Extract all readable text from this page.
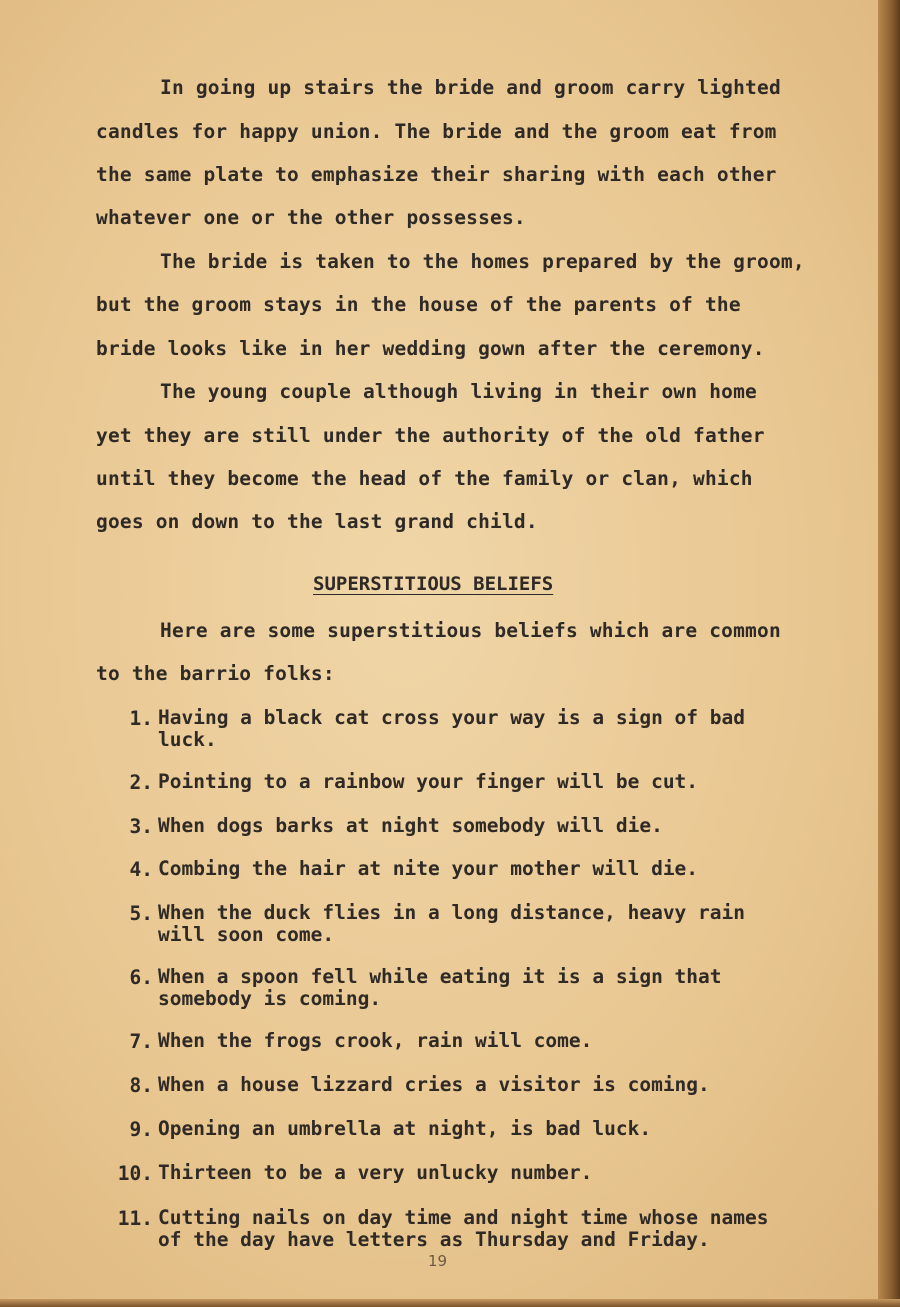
In going up stairs the bride and groom carry lighted
candles for happy union. The bride and the groom eat from
the same plate to emphasize their sharing with each other
whatever one or the other possesses.
The bride is taken to the homes prepared by the groom,
but the groom stays in the house of the parents of the
bride looks like in her wedding gown after the ceremony.
The young couple although living in their own home
yet they are still under the authority of the old father
until they become the head of the family or clan, which
goes on down to the last grand child.
SUPERSTITIOUS BELIEFS
Here are some superstitious beliefs which are common
to the barrio folks:
1. Having a black cat cross your way is a sign of bad
luck.
2. Pointing to a rainbow your finger will be cut.
3. When dogs barks at night somebody will die.
4. Combing the hair at nite your mother will die.
5. When the duck flies in a long distance, heavy rain
will soon come.
6. When a spoon fell while eating it is a sign that
somebody is coming.
7. When the frogs crook, rain will come.
8. When a house lizzard cries a visitor is coming.
9. Opening an umbrella at night, is bad luck.
10. Thirteen to be a very unlucky number.
11. Cutting nails on day time and night time whose names
of the day have letters as Thursday and Friday.
19
